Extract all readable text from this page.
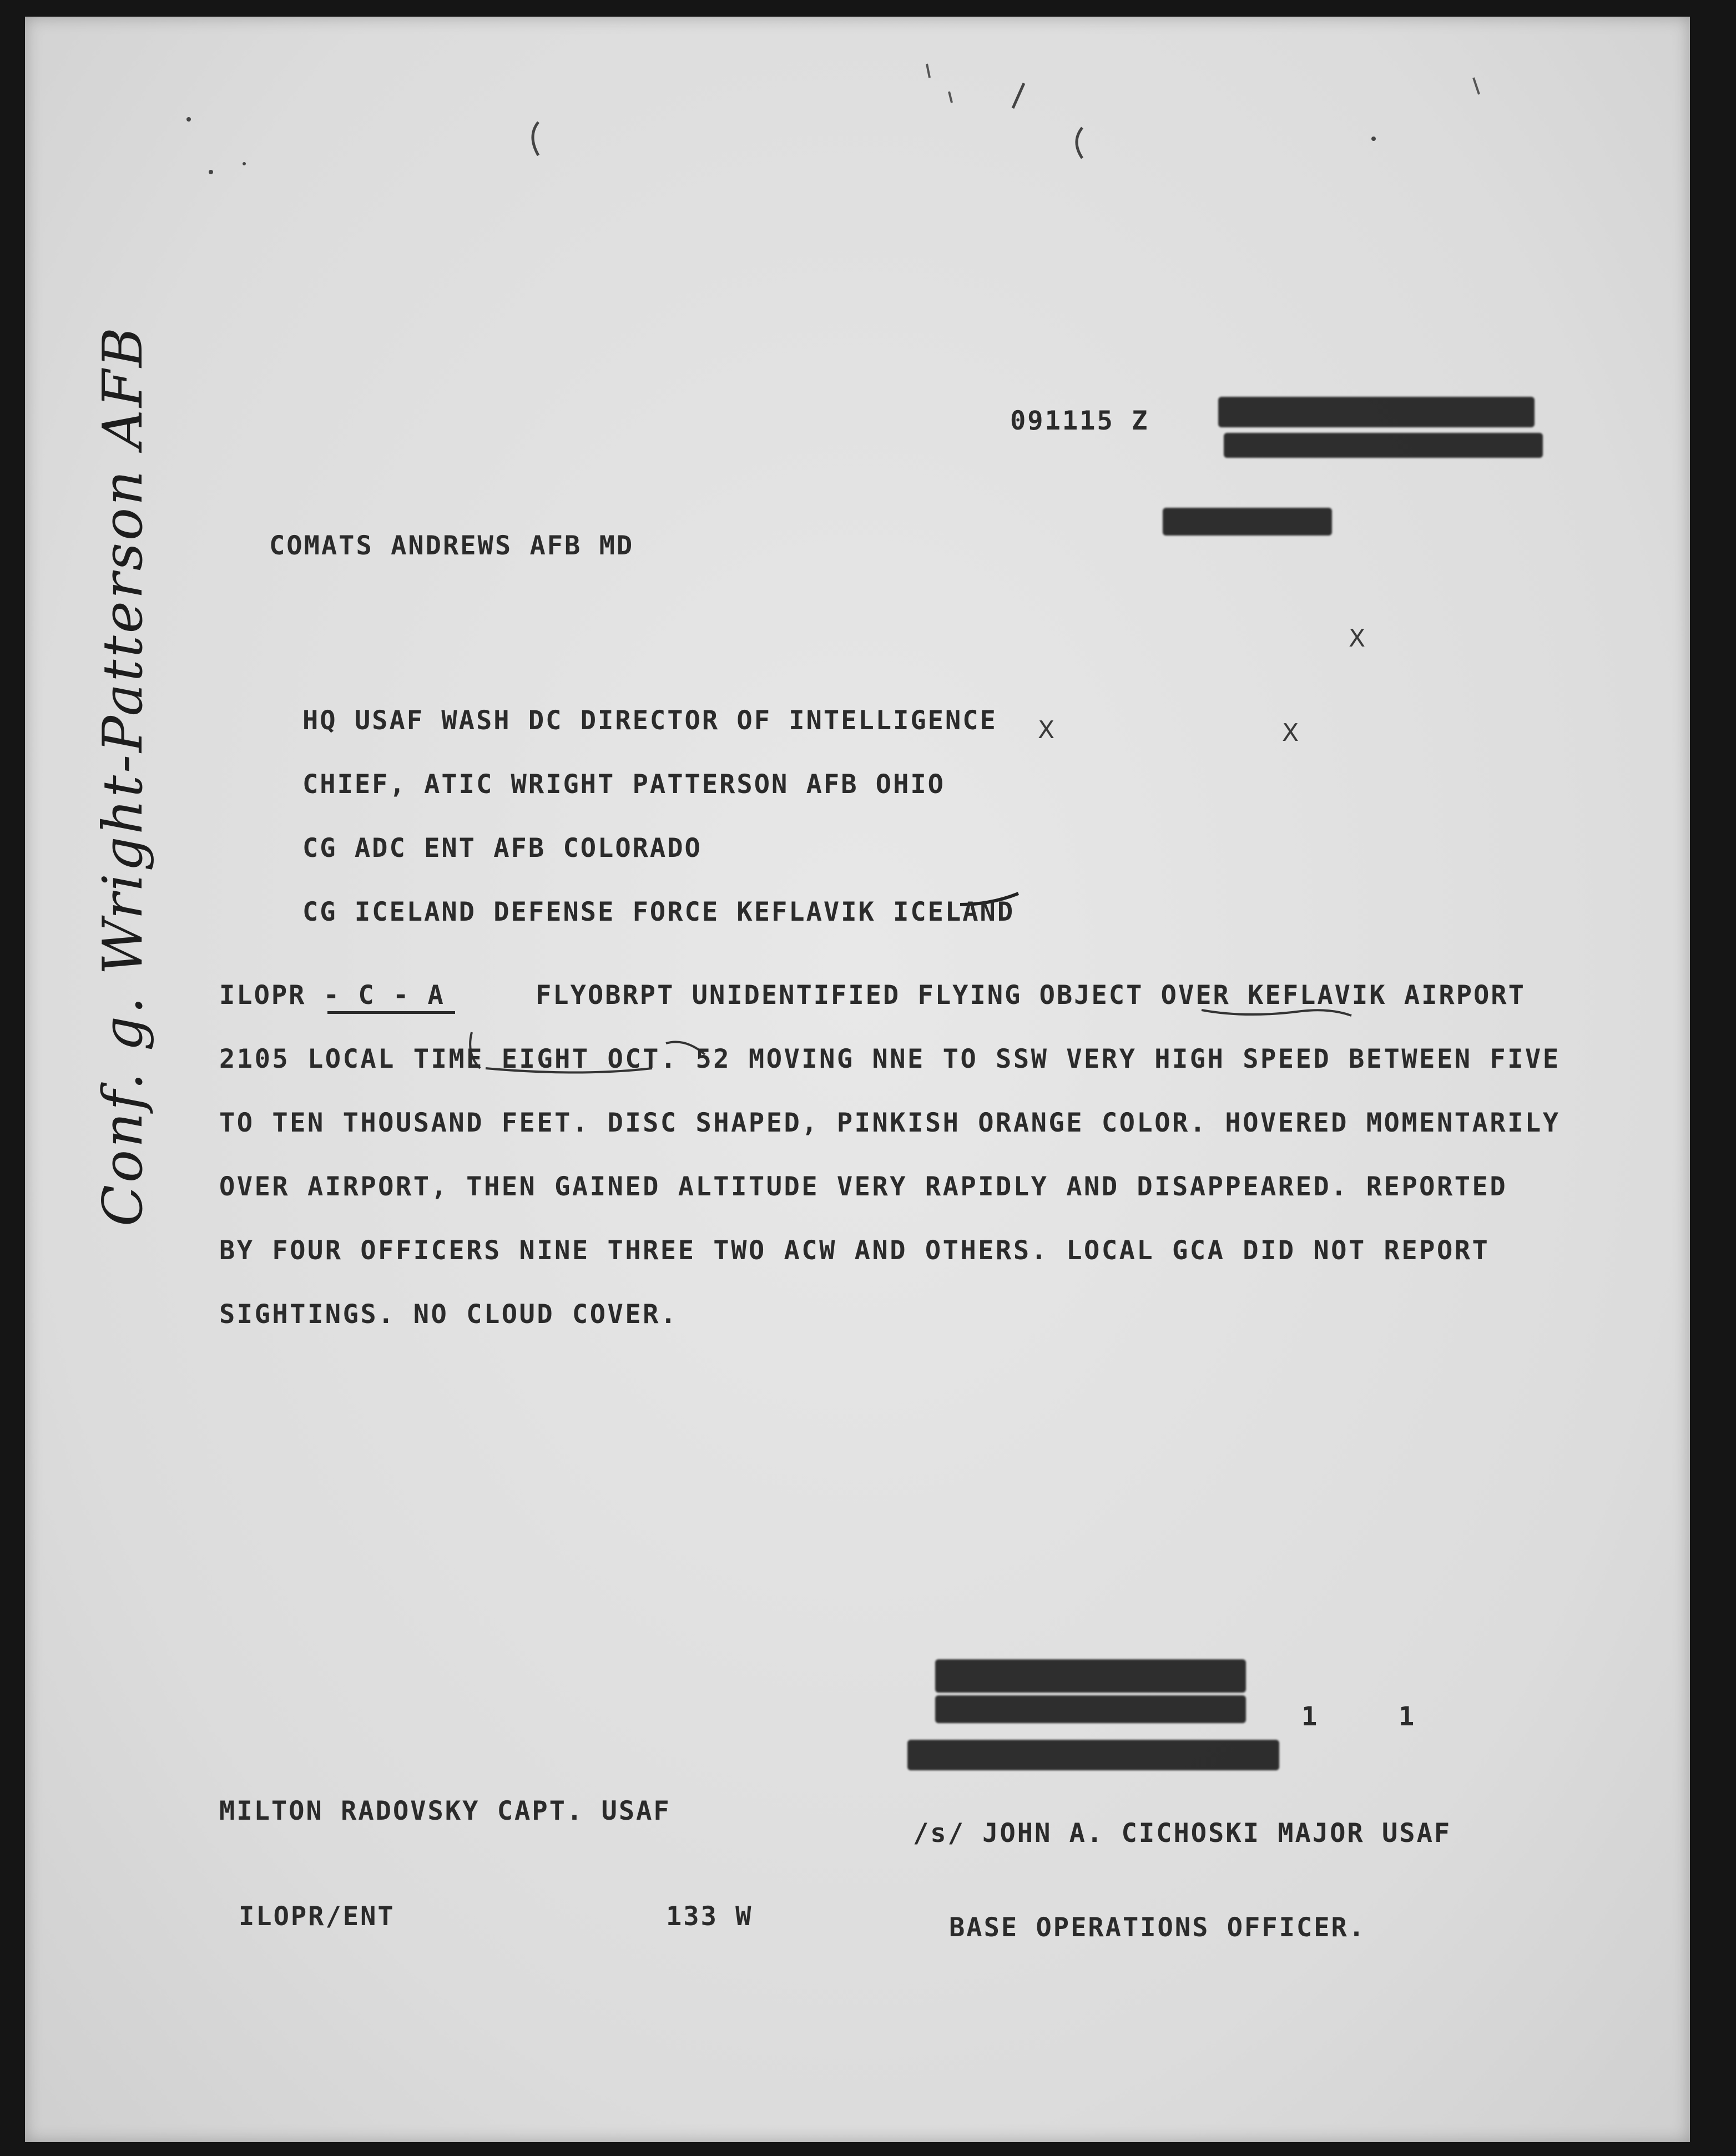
091115 Z
COMATS ANDREWS AFB MD
X
X	X
HQ USAF WASH DC DIRECTOR OF INTELLIGENCE
CHIEF, ATIC WRIGHT PATTERSON AFB OHIO
CG ADC ENT AFB COLORADO
CG ICELAND DEFENSE FORCE KEFLAVIK ICELAND
ILOPR - C - A	FLYOBRPT UNIDENTIFIED FLYING OBJECT OVER KEFLAVIK AIRPORT
2105 LOCAL TIME EIGHT OCT. 52 MOVING NNE TO SSW VERY HIGH SPEED BETWEEN FIVE
TO TEN THOUSAND FEET. DISC SHAPED, PINKISH ORANGE COLOR. HOVERED MOMENTARILY
OVER AIRPORT, THEN GAINED ALTITUDE VERY RAPIDLY AND DISAPPEARED. REPORTED
BY FOUR OFFICERS NINE THREE TWO ACW AND OTHERS. LOCAL GCA DID NOT REPORT
SIGHTINGS. NO CLOUD COVER.
1	1
MILTON RADOVSKY CAPT. USAF
/s/ JOHN A. CICHOSKI MAJOR USAF
ILOPR/ENT	133 W	BASE OPERATIONS OFFICER.
Conf. g. Wright-Patterson AFB
